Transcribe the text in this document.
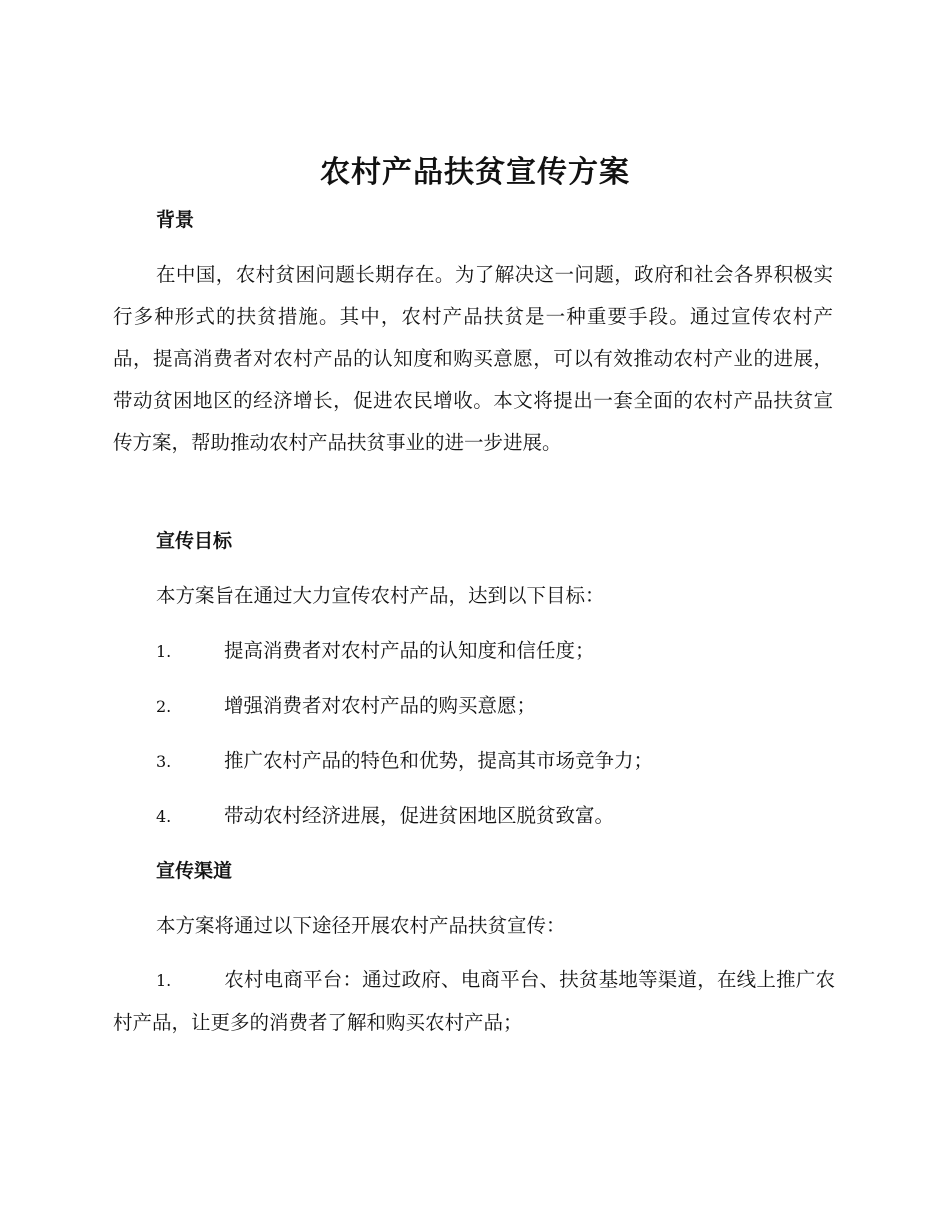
农村产品扶贫宣传方案
背景
在中国，农村贫困问题长期存在。为了解决这一问题，政府和社会各界积极实行多种形式的扶贫措施。其中，农村产品扶贫是一种重要手段。通过宣传农村产品，提高消费者对农村产品的认知度和购买意愿，可以有效推动农村产业的进展，带动贫困地区的经济增长，促进农民增收。本文将提出一套全面的农村产品扶贫宣传方案，帮助推动农村产品扶贫事业的进一步进展。
宣传目标
本方案旨在通过大力宣传农村产品，达到以下目标：
1.	提高消费者对农村产品的认知度和信任度；
2.	增强消费者对农村产品的购买意愿；
3.	推广农村产品的特色和优势，提高其市场竞争力；
4.	带动农村经济进展，促进贫困地区脱贫致富。
宣传渠道
本方案将通过以下途径开展农村产品扶贫宣传：
1.	农村电商平台：通过政府、电商平台、扶贫基地等渠道，在线上推广农村产品，让更多的消费者了解和购买农村产品；
